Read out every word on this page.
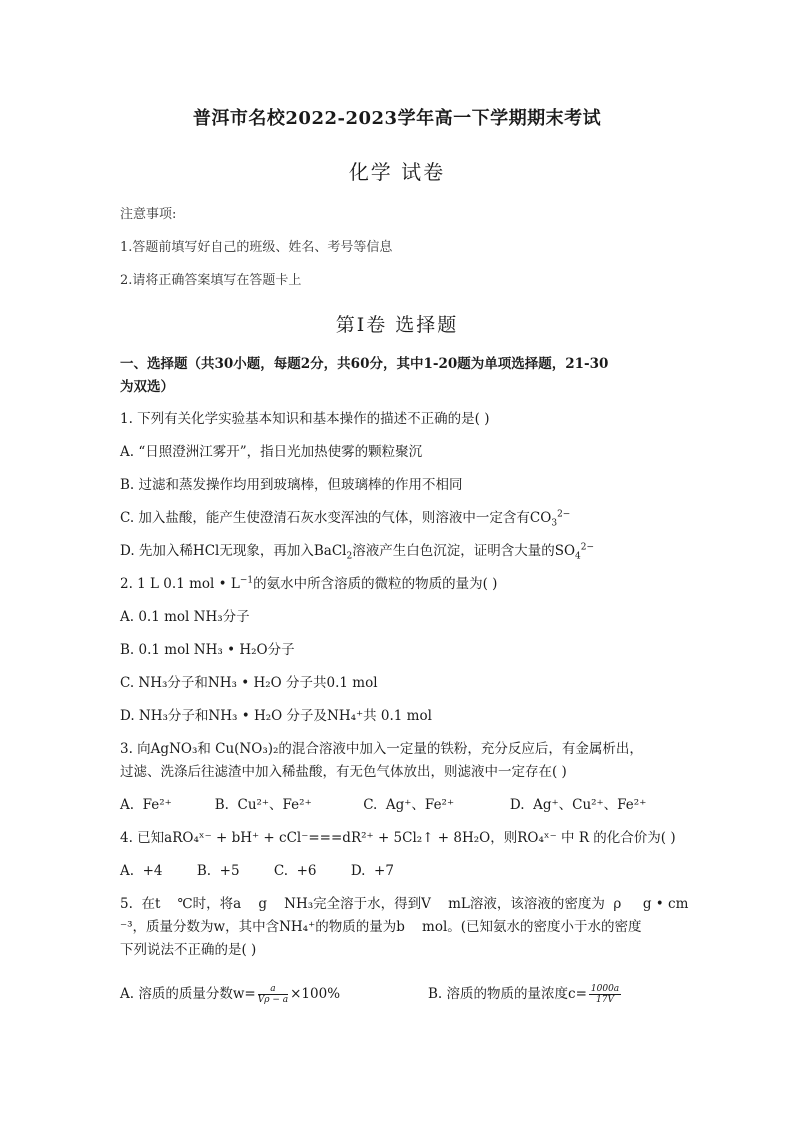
普洱市名校2022-2023学年高一下学期期末考试
化学 试卷
注意事项:
1.答题前填写好自己的班级、姓名、考号等信息
2.请将正确答案填写在答题卡上
第Ⅰ卷 选择题
一、选择题（共30小题，每题2分，共60分，其中1-20题为单项选择题，21-30
为双选）
1. 下列有关化学实验基本知识和基本操作的描述不正确的是( )
A. “日照澄洲江雾开”，指日光加热使雾的颗粒聚沉
B. 过滤和蒸发操作均用到玻璃棒，但玻璃棒的作用不相同
C. 加入盐酸，能产生使澄清石灰水变浑浊的气体，则溶液中一定含有$CO_3^{2-}$
D. 先加入稀HCl无现象，再加入BaCl$_2$溶液产生白色沉淀，证明含大量的$SO_4^{2-}$
2. 1 L 0.1 mol • $L^{-1}$的氨水中所含溶质的微粒的物质的量为( )
A. 0.1 mol NH₃分子
B. 0.1 mol NH₃ • H₂O分子
C. NH₃分子和NH₃ • H₂O 分子共0.1 mol
D. NH₃分子和NH₃ • H₂O 分子及NH₄⁺共 0.1 mol
3. 向AgNO₃和 Cu(NO₃)₂的混合溶液中加入一定量的铁粉，充分反应后，有金属析出，
过滤、洗涤后往滤渣中加入稀盐酸，有无色气体放出，则滤液中一定存在( )
A.  Fe²⁺          B.  Cu²⁺、Fe²⁺            C.  Ag⁺、Fe²⁺             D.  Ag⁺、Cu²⁺、Fe²⁺
4. 已知aRO₄ˣ⁻ + bH⁺ + cCl⁻===dR²⁺ + 5Cl₂↑ + 8H₂O，则RO₄ˣ⁻ 中 R 的化合价为( )
A.  +4        B.  +5        C.  +6        D.  +7
5.  在t    ℃时，将a    g    NH₃完全溶于水，得到V    mL溶液，该溶液的密度为  ρ     g • cm
⁻³，质量分数为w，其中含NH₄⁺的物质的量为b    mol。(已知氨水的密度小于水的密度
下列说法不正确的是( )
A. 溶质的质量分数$w= \frac{a}{V\rho - a} \times 100\%$	B. 溶质的物质的量浓度$c= \frac{1000a}{17V}$
